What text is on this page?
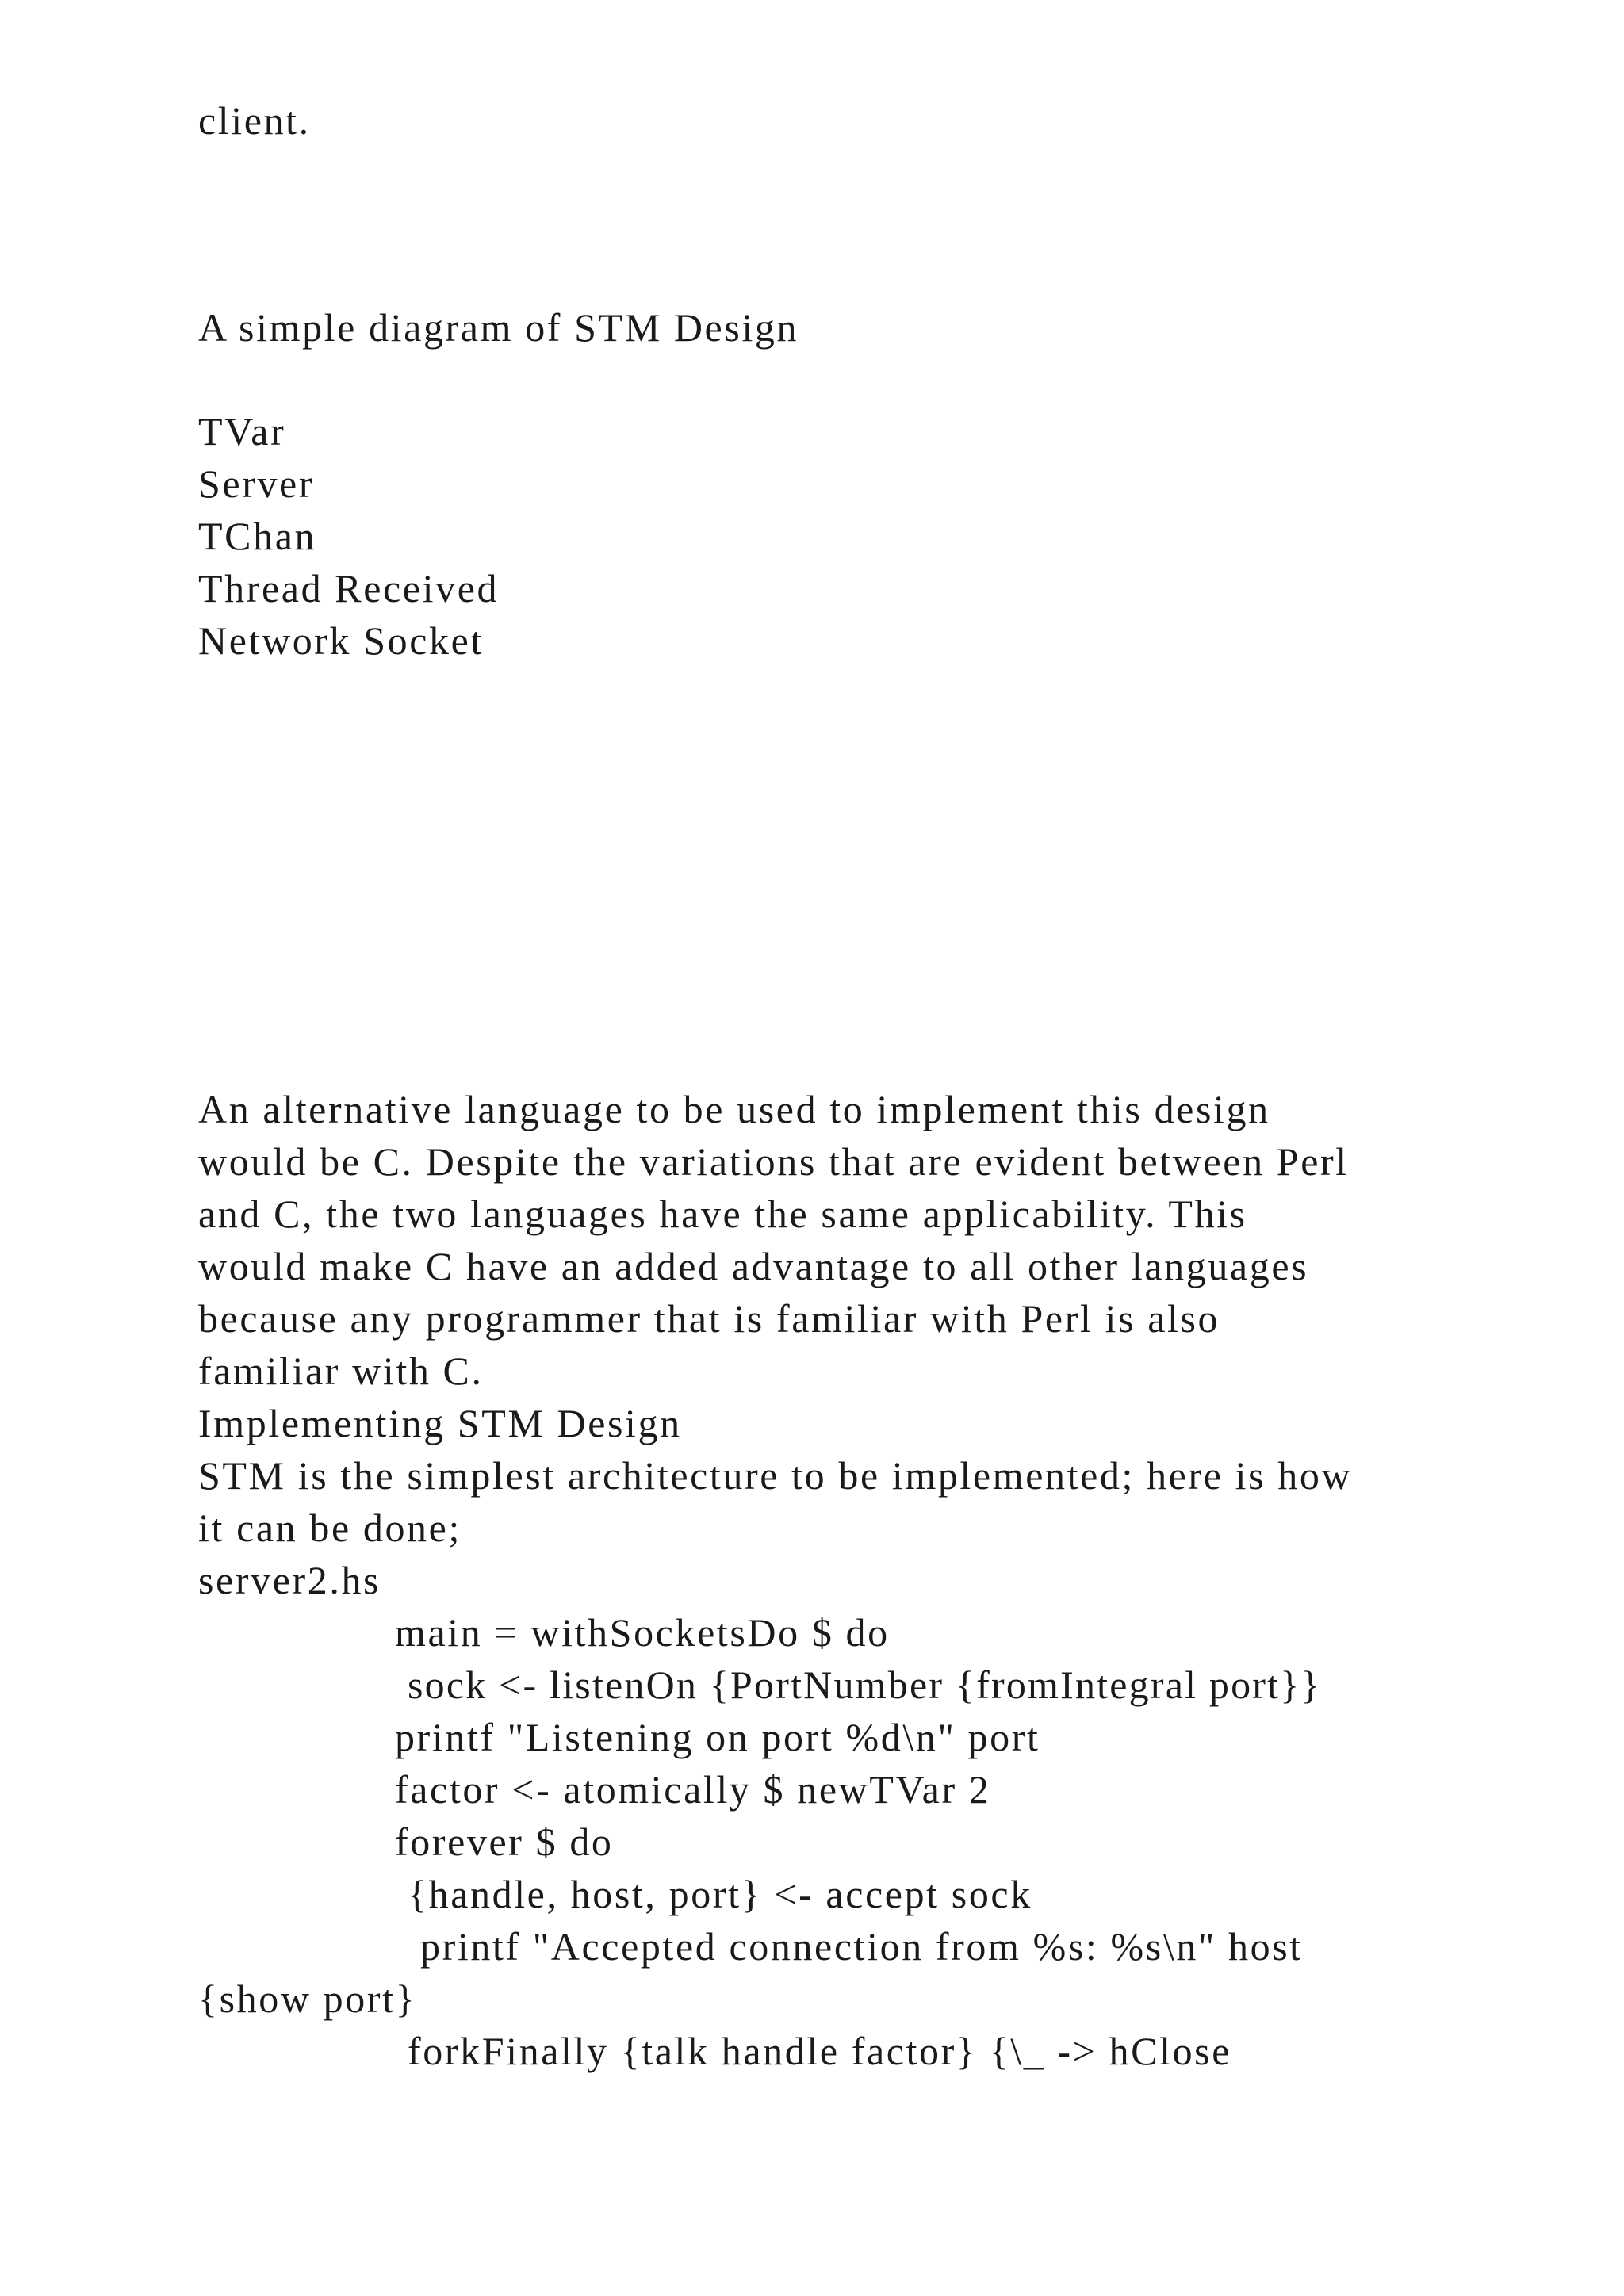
client.

A simple diagram of STM Design

TVar

Server

TChan

Thread Received

Network Socket

An alternative language to be used to implement this design

would be C. Despite the variations that are evident between Perl

and C, the two languages have the same applicability. This

would make C have an added advantage to all other languages

because any programmer that is familiar with Perl is also

familiar with C.

Implementing STM Design

STM is the simplest architecture to be implemented; here is how

it can be done;

server2.hs

main = withSocketsDo $ do

sock <- listenOn {PortNumber {fromIntegral port}}

printf "Listening on port %d\n" port

factor <- atomically $ newTVar 2

forever $ do

{handle, host, port} <- accept sock

printf "Accepted connection from %s: %s\n" host

{show port}

forkFinally {talk handle factor} {\_ -> hClose
